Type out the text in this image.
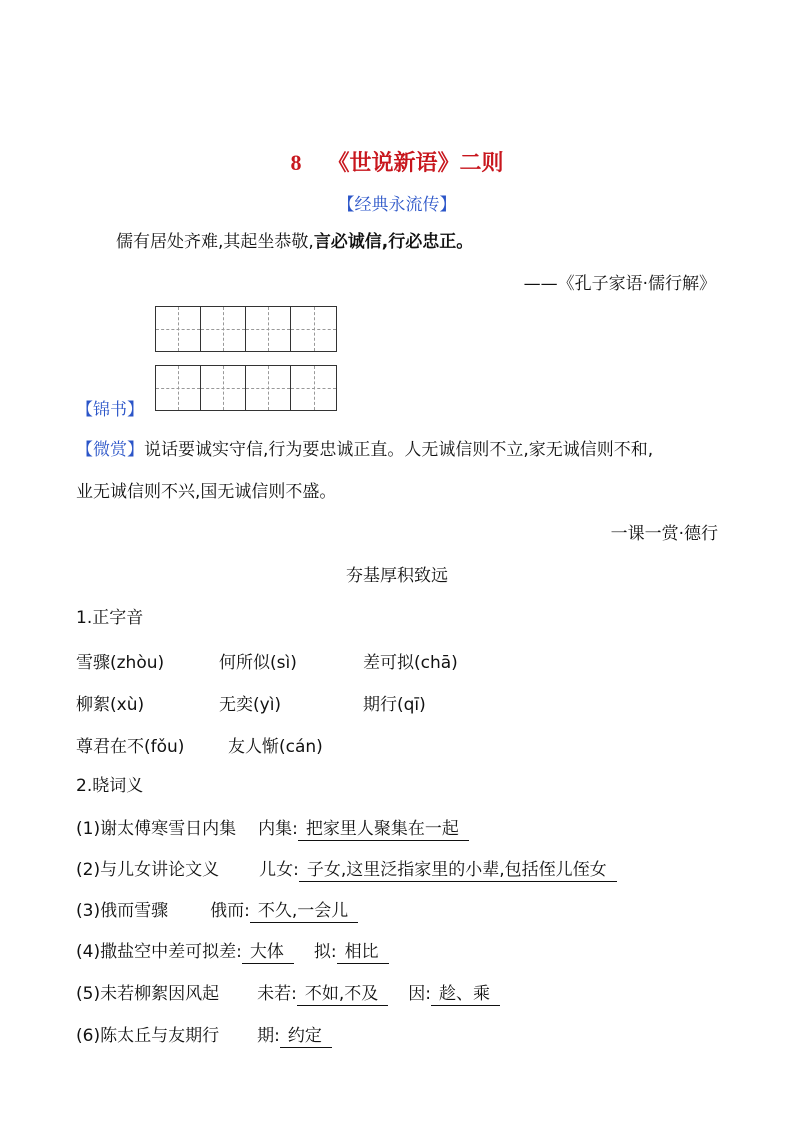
8 《世说新语》二则
【经典永流传】
儒有居处齐难,其起坐恭敬,言必诚信,行必忠正。
——《孔子家语·儒行解》
【锦书】
【微赏】说话要诚实守信,行为要忠诚正直。人无诚信则不立,家无诚信则不和,
业无诚信则不兴,国无诚信则不盛。
一课一赏·德行
夯基厚积致远
1.正字音
雪骤(zhòu)	何所似(sì)	差可拟(chā)
柳絮(xù)	无奕(yì)	期行(qī)
尊君在不(fǒu)	友人惭(cán)
2.晓词义
(1)谢太傅寒雪日内集 内集: 把家里人聚集在一起
(2)与儿女讲论文义 儿女: 子女,这里泛指家里的小辈,包括侄儿侄女
(3)俄而雪骤 俄而: 不久,一会儿
(4)撒盐空中差可拟差: 大体 拟: 相比
(5)未若柳絮因风起 未若: 不如,不及 因: 趁、乘
(6)陈太丘与友期行 期: 约定
